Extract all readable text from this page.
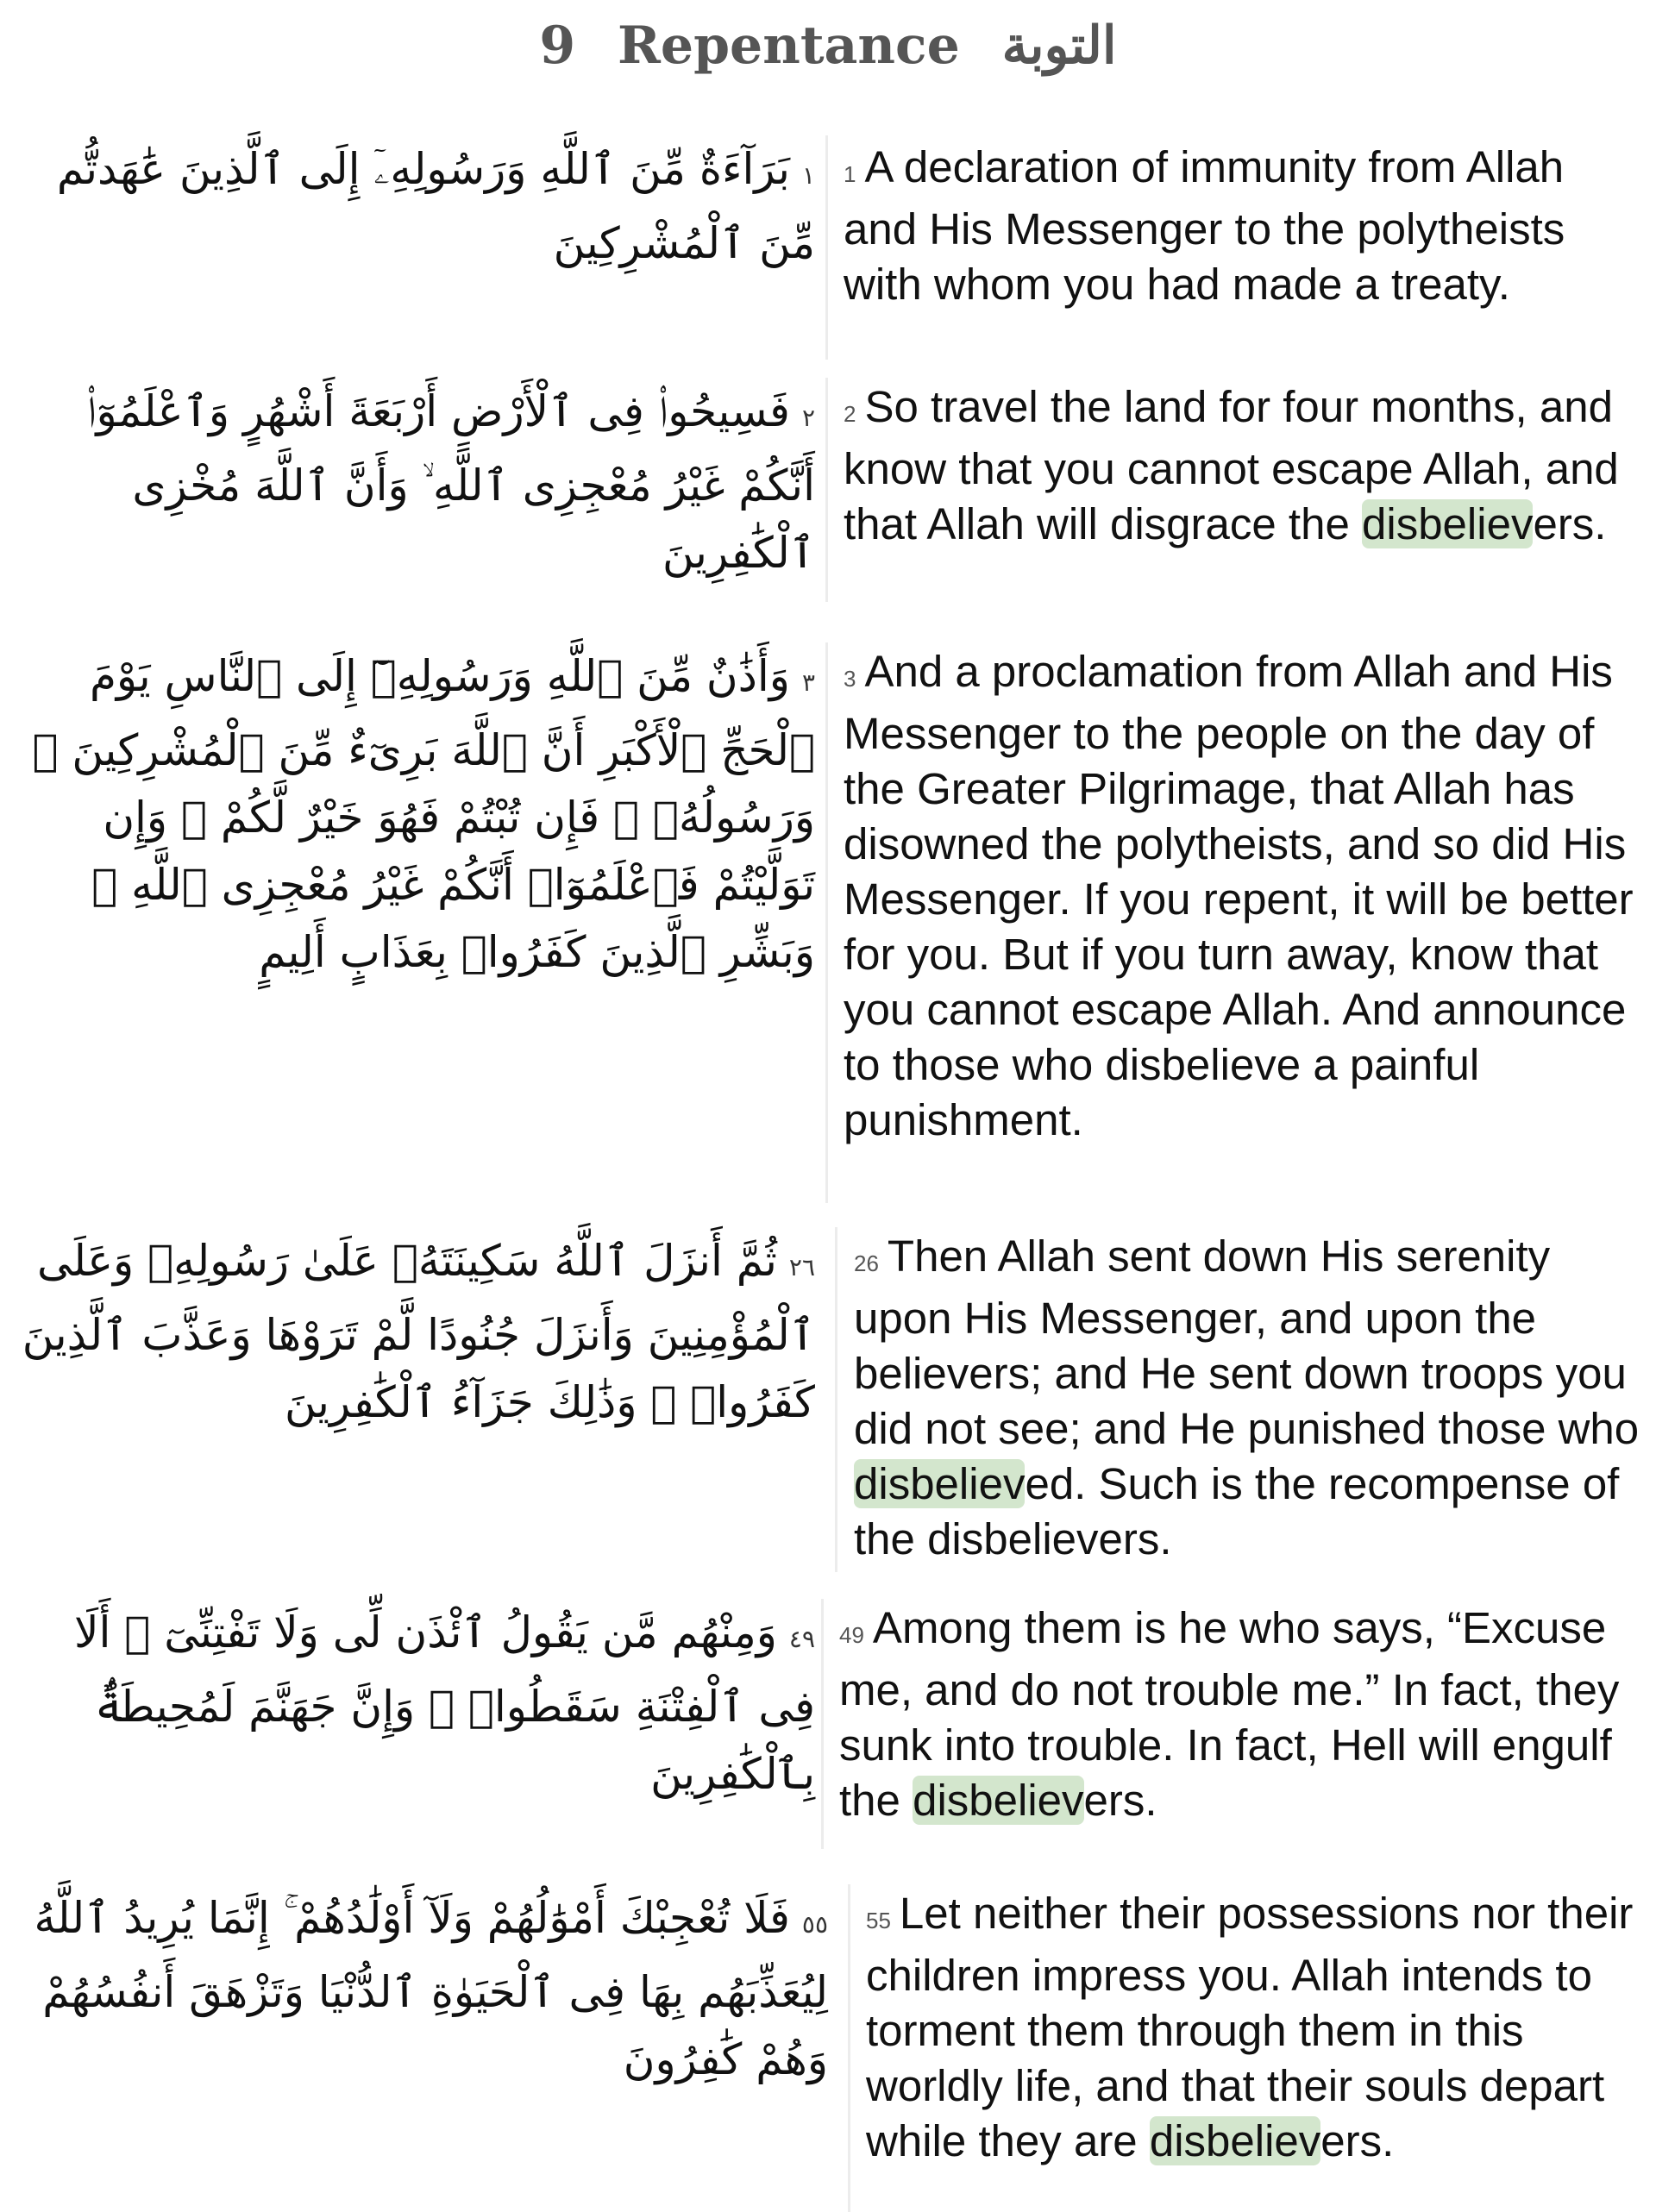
9 Repentance التوبة
١بَرَآءَةٌ مِّنَ ٱللَّهِ وَرَسُولِهِۦٓ إِلَى ٱلَّذِينَ عَٰهَدتُّم مِّنَ ٱلْمُشْرِكِينَ
1 A declaration of immunity from Allah and His Messenger to the polytheists with whom you had made a treaty.
٢فَسِيحُوا۟ فِى ٱلْأَرْضِ أَرْبَعَةَ أَشْهُرٍ وَٱعْلَمُوٓا۟ أَنَّكُمْ غَيْرُ مُعْجِزِى ٱللَّهِ ۙ وَأَنَّ ٱللَّهَ مُخْزِى ٱلْكَٰفِرِينَ
2 So travel the land for four months, and know that you cannot escape Allah, and that Allah will disgrace the disbelievers.
٣وَأَذَٰنٌ مِّنَ ٱللَّهِ وَرَسُولِهِۦٓ إِلَى ٱلنَّاسِ يَوْمَ ٱلْحَجِّ ٱلْأَكْبَرِ أَنَّ ٱللَّهَ بَرِىٓءٌ مِّنَ ٱلْمُشْرِكِينَ ۙ وَرَسُولُهُۥ ۚ فَإِن تُبْتُمْ فَهُوَ خَيْرٌ لَّكُمْ ۖ وَإِن تَوَلَّيْتُمْ فَٱعْلَمُوٓا۟ أَنَّكُمْ غَيْرُ مُعْجِزِى ٱللَّهِ ۗ وَبَشِّرِ ٱلَّذِينَ كَفَرُوا۟ بِعَذَابٍ أَلِيمٍ
3 And a proclamation from Allah and His Messenger to the people on the day of the Greater Pilgrimage, that Allah has disowned the polytheists, and so did His Messenger. If you repent, it will be better for you. But if you turn away, know that you cannot escape Allah. And announce to those who disbelieve a painful punishment.
٢٦ثُمَّ أَنزَلَ ٱللَّهُ سَكِينَتَهُۥ عَلَىٰ رَسُولِهِۦ وَعَلَى ٱلْمُؤْمِنِينَ وَأَنزَلَ جُنُودًا لَّمْ تَرَوْهَا وَعَذَّبَ ٱلَّذِينَ كَفَرُوا۟ ۚ وَذَٰلِكَ جَزَآءُ ٱلْكَٰفِرِينَ
26 Then Allah sent down His serenity upon His Messenger, and upon the believers; and He sent down troops you did not see; and He punished those who disbelieved. Such is the recompense of the disbelievers.
٤٩وَمِنْهُم مَّن يَقُولُ ٱئْذَن لِّى وَلَا تَفْتِنِّىٓ ۚ أَلَا فِى ٱلْفِتْنَةِ سَقَطُوا۟ ۗ وَإِنَّ جَهَنَّمَ لَمُحِيطَةٌۢ بِٱلْكَٰفِرِينَ
49 Among them is he who says, “Excuse me, and do not trouble me.” In fact, they sunk into trouble. In fact, Hell will engulf the disbelievers.
٥٥فَلَا تُعْجِبْكَ أَمْوَٰلُهُمْ وَلَآ أَوْلَٰدُهُمْ ۚ إِنَّمَا يُرِيدُ ٱللَّهُ لِيُعَذِّبَهُم بِهَا فِى ٱلْحَيَوٰةِ ٱلدُّنْيَا وَتَزْهَقَ أَنفُسُهُمْ وَهُمْ كَٰفِرُونَ
55 Let neither their possessions nor their children impress you. Allah intends to torment them through them in this worldly life, and that their souls depart while they are disbelievers.
